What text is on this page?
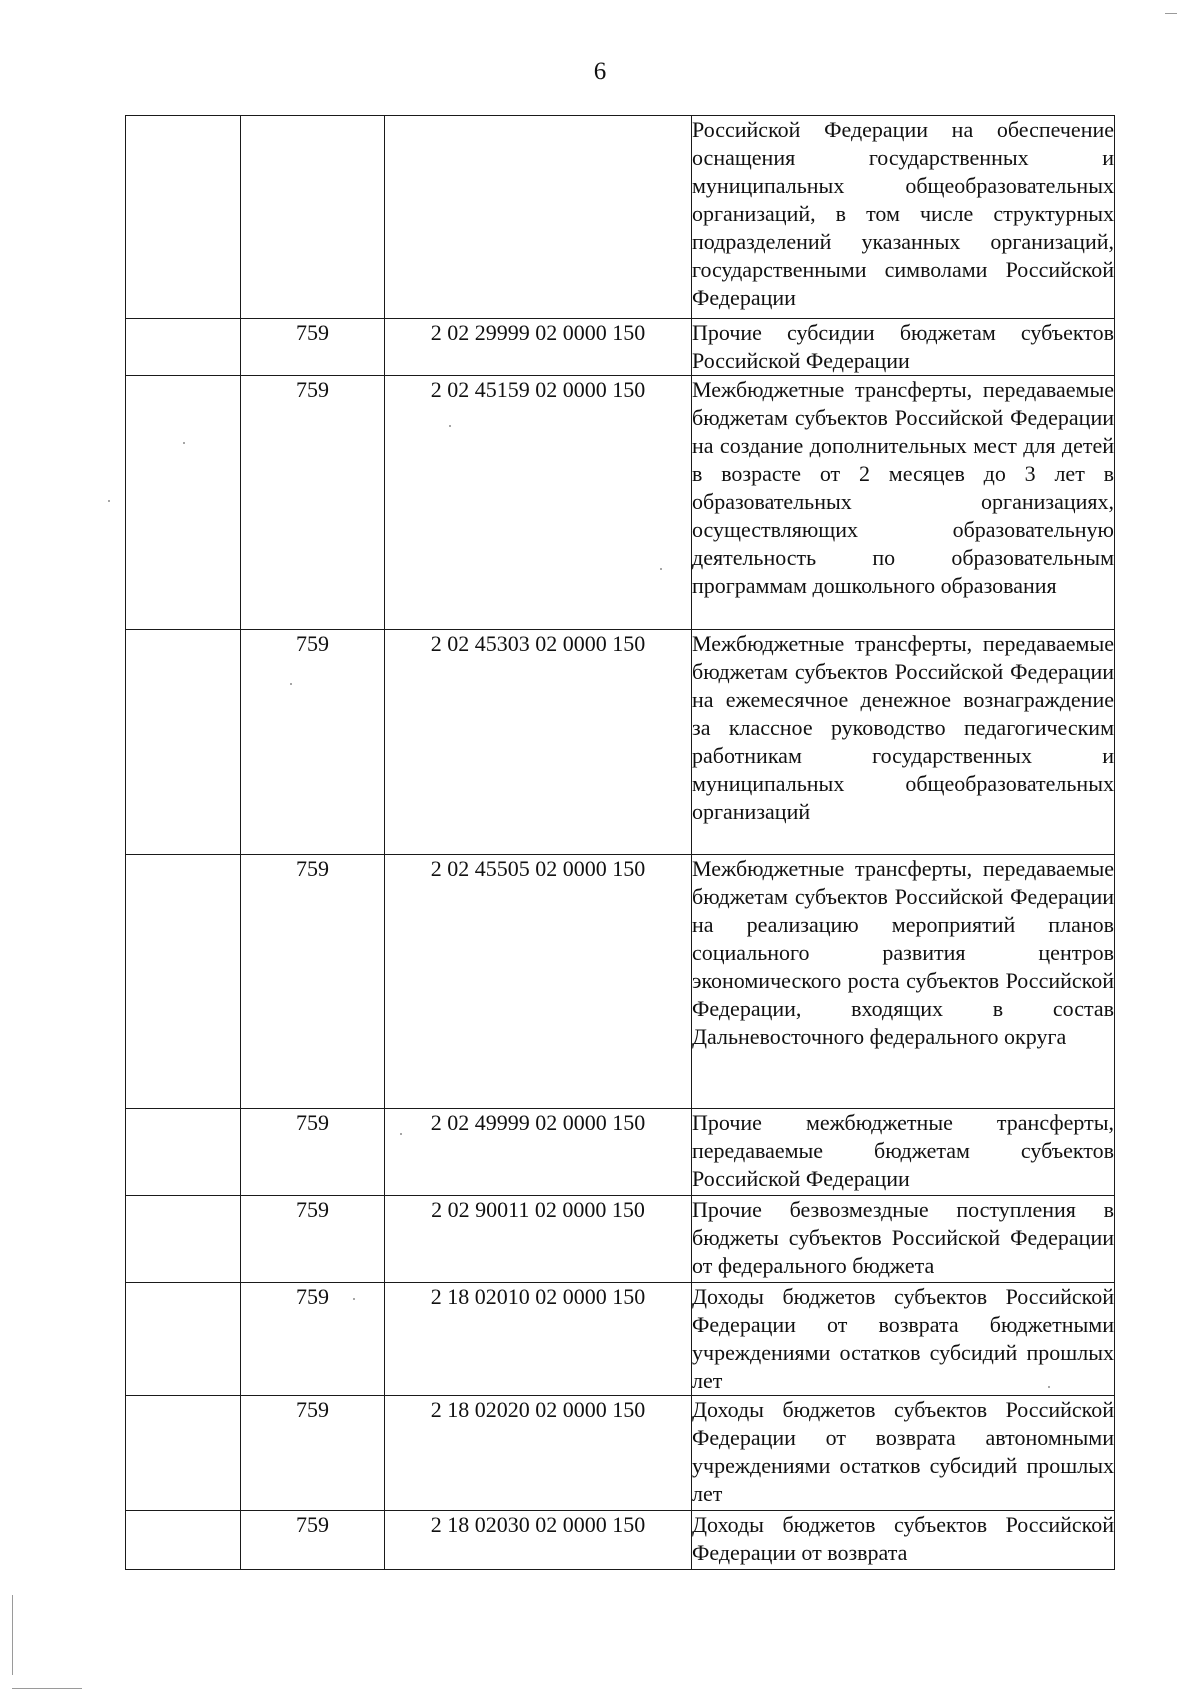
6
			Российской Федерации на обеспечение оснащения государственных и муниципальных общеобразовательных организаций, в том числе структурных подразделений указанных организаций, государственными символами Российской Федерации
	759	2 02 29999 02 0000 150	Прочие субсидии бюджетам субъектов Российской Федерации
	759	2 02 45159 02 0000 150	Межбюджетные трансферты, передаваемые бюджетам субъектов Российской Федерации на создание дополнительных мест для детей в возрасте от 2 месяцев до 3 лет в образовательных организациях, осуществляющих образовательную деятельность по образовательным программам дошкольного образования
	759	2 02 45303 02 0000 150	Межбюджетные трансферты, передаваемые бюджетам субъектов Российской Федерации на ежемесячное денежное вознаграждение за классное руководство педагогическим работникам государственных и муниципальных общеобразовательных организаций
	759	2 02 45505 02 0000 150	Межбюджетные трансферты, передаваемые бюджетам субъектов Российской Федерации на реализацию мероприятий планов социального развития центров экономического роста субъектов Российской Федерации, входящих в состав Дальневосточного федерального округа
	759	2 02 49999 02 0000 150	Прочие межбюджетные трансферты, передаваемые бюджетам субъектов Российской Федерации
	759	2 02 90011 02 0000 150	Прочие безвозмездные поступления в бюджеты субъектов Российской Федерации от федерального бюджета
	759	2 18 02010 02 0000 150	Доходы бюджетов субъектов Российской Федерации от возврата бюджетными учреждениями остатков субсидий прошлых лет
	759	2 18 02020 02 0000 150	Доходы бюджетов субъектов Российской Федерации от возврата автономными учреждениями остатков субсидий прошлых лет
	759	2 18 02030 02 0000 150	Доходы бюджетов субъектов Российской Федерации от возврата
